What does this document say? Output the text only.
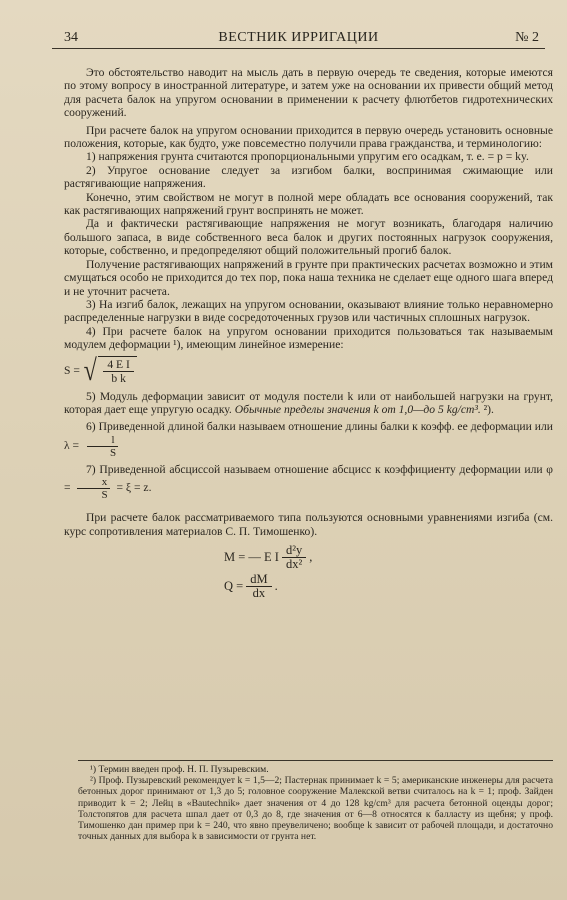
34	ВЕСТНИК ИРРИГАЦИИ	№ 2

Это обстоятельство наводит на мысль дать в первую очередь те сведения, которые имеются по этому вопросу в иностранной литературе, и затем уже на основании их привести общий метод для расчета балок на упругом основании в применении к расчету флютбетов гидротехнических сооружений.

При расчете балок на упругом основании приходится в первую очередь установить основные положения, которые, как будто, уже повсеместно получили права гражданства, и терминологию:

1) напряжения грунта считаются пропорциональными упругим его осадкам, т. е. = p = ky.

2) Упругое основание следует за изгибом балки, воспринимая сжимающие или растягивающие напряжения.

Конечно, этим свойством не могут в полной мере обладать все основания сооружений, так как растягивающих напряжений грунт воспринять не может.

Да и фактически растягивающие напряжения не могут возникать, благодаря наличию большого запаса, в виде собственного веса балок и других постоянных нагрузок сооружения, которые, собственно, и предопределяют общий положительный прогиб балок.

Получение растягивающих напряжений в грунте при практических расчетах возможно и этим смущаться особо не приходится до тех пор, пока наша техника не сделает еще одного шага вперед и не уточнит расчета.

3) На изгиб балок, лежащих на упругом основании, оказывают влияние только неравномерно распределенные нагрузки в виде сосредоточенных грузов или частичных сплошных нагрузок.

4) При расчете балок на упругом основании приходится пользоваться так называемым модулем деформации ¹), имеющим линейное измерение:

S = √ $\frac{\text{4 E I}}{\text{b k}}$

5) Модуль деформации зависит от модуля постели k или от наибольшей нагрузки на грунт, которая дает еще упругую осадку. Обычные пределы значения k от 1,0—до 5 kg/cm³. ²).

6) Приведенной длиной балки называем отношение длины балки к коэфф. ее деформации или $\lambda = \frac{l}{S}$

7) Приведенной абсциссой называем отношение абсцисс к коэффициенту деформации или $\varphi = \frac{x}{S} = \xi = z$.

При расчете балок рассматриваемого типа пользуются основными уравнениями изгиба (см. курс сопротивления материалов С. П. Тимошенко).

M = — E I $\frac{\text{d²y}}{\text{dx²}}$ ,
$Q = \frac{dM}{dx}$ .

¹) Термин введен проф. Н. П. Пузыревским.

²) Проф. Пузыревский рекомендует k = 1,5—2; Пастернак принимает k = 5; американские инженеры для расчета бетонных дорог принимают от 1,3 до 5; головное сооружение Малекской ветви считалось на k = 1; проф. Зайден приводит k = 2; Лейц в «Bautechnik» дает значения от 4 до 128 kg/cm³ для расчета бетонной оценды дорог; Толстопятов для расчета шпал дает от 0,3 до 8, где значения от 6—8 относятся к балласту из щебня; у проф. Тимошенко дан пример при k = 240, что явно преувеличено; вообще k зависит от рабочей площади, и достаточно точных данных для выбора k в зависимости от грунта нет.
